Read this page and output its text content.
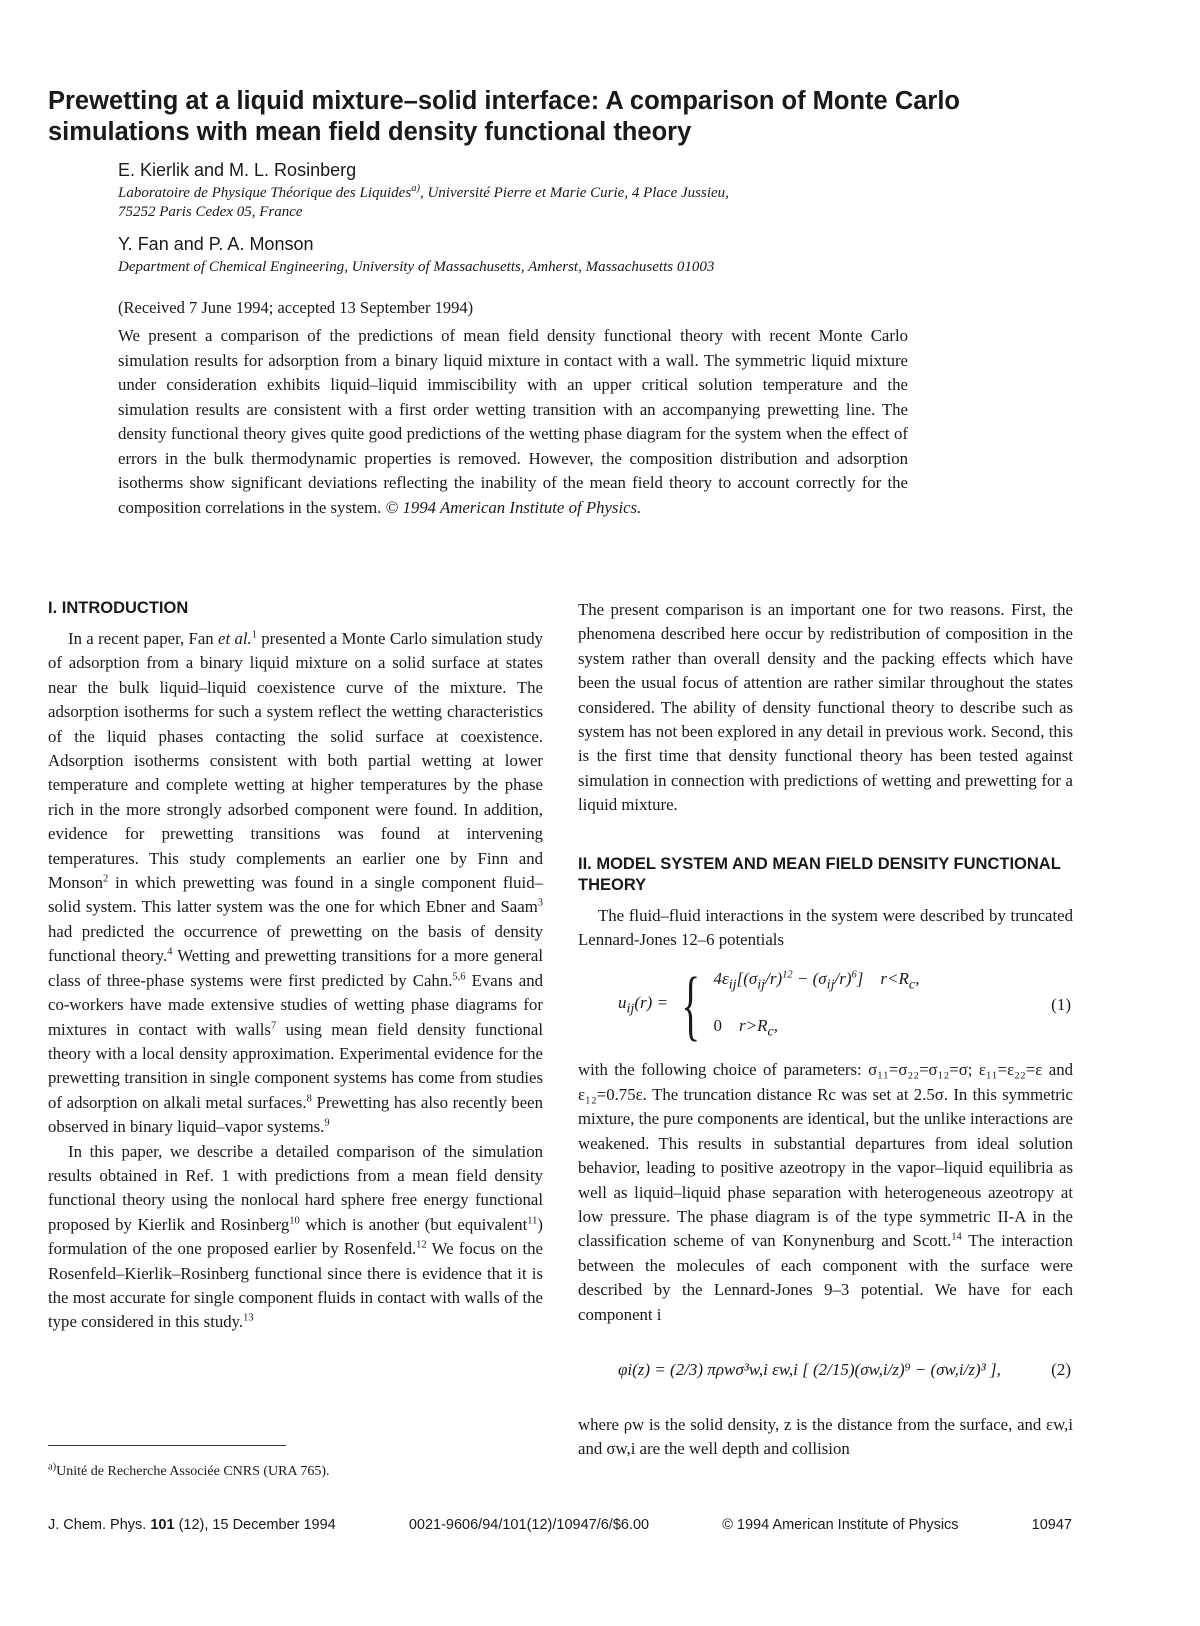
Prewetting at a liquid mixture–solid interface: A comparison of Monte Carlo simulations with mean field density functional theory
E. Kierlik and M. L. Rosinberg
Laboratoire de Physique Théorique des Liquides$^{a)}$, Université Pierre et Marie Curie, 4 Place Jussieu,
75252 Paris Cedex 05, France
Y. Fan and P. A. Monson
Department of Chemical Engineering, University of Massachusetts, Amherst, Massachusetts 01003
(Received 7 June 1994; accepted 13 September 1994)

We present a comparison of the predictions of mean field density functional theory with recent Monte Carlo simulation results for adsorption from a binary liquid mixture in contact with a wall. The symmetric liquid mixture under consideration exhibits liquid–liquid immiscibility with an upper critical solution temperature and the simulation results are consistent with a first order wetting transition with an accompanying prewetting line. The density functional theory gives quite good predictions of the wetting phase diagram for the system when the effect of errors in the bulk thermodynamic properties is removed. However, the composition distribution and adsorption isotherms show significant deviations reflecting the inability of the mean field theory to account correctly for the composition correlations in the system. © 1994 American Institute of Physics.

I. INTRODUCTION

In a recent paper, Fan et al.$^1$ presented a Monte Carlo simulation study of adsorption from a binary liquid mixture on a solid surface at states near the bulk liquid–liquid coexistence curve of the mixture. The adsorption isotherms for such a system reflect the wetting characteristics of the liquid phases contacting the solid surface at coexistence. Adsorption isotherms consistent with both partial wetting at lower temperature and complete wetting at higher temperatures by the phase rich in the more strongly adsorbed component were found. In addition, evidence for prewetting transitions was found at intervening temperatures. This study complements an earlier one by Finn and Monson$^2$ in which prewetting was found in a single component fluid–solid system. This latter system was the one for which Ebner and Saam$^3$ had predicted the occurrence of prewetting on the basis of density functional theory.$^4$ Wetting and prewetting transitions for a more general class of three-phase systems were first predicted by Cahn.$^{5,6}$ Evans and co-workers have made extensive studies of wetting phase diagrams for mixtures in contact with walls$^7$ using mean field density functional theory with a local density approximation. Experimental evidence for the prewetting transition in single component systems has come from studies of adsorption on alkali metal surfaces.$^8$ Prewetting has also recently been observed in binary liquid–vapor systems.$^9$

In this paper, we describe a detailed comparison of the simulation results obtained in Ref. 1 with predictions from a mean field density functional theory using the nonlocal hard sphere free energy functional proposed by Kierlik and Rosinberg$^{10}$ which is another (but equivalent$^{11}$) formulation of the one proposed earlier by Rosenfeld.$^{12}$ We focus on the Rosenfeld–Kierlik–Rosinberg functional since there is evidence that it is the most accurate for single component fluids in contact with walls of the type considered in this study.$^{13}$

The present comparison is an important one for two reasons. First, the phenomena described here occur by redistribution of composition in the system rather than overall density and the packing effects which have been the usual focus of attention are rather similar throughout the states considered. The ability of density functional theory to describe such as system has not been explored in any detail in previous work. Second, this is the first time that density functional theory has been tested against simulation in connection with predictions of wetting and prewetting for a liquid mixture.

II. MODEL SYSTEM AND MEAN FIELD DENSITY FUNCTIONAL THEORY

The fluid–fluid interactions in the system were described by truncated Lennard-Jones 12–6 potentials

$u_{ij}(r)$ = { $4\varepsilon_{ij}[(\sigma_{ij}/r)^{12} - (\sigma_{ij}/r)^6]$ $r<R_c$,
0 $r>R_c$,
(1)

with the following choice of parameters: σ₁₁=σ₂₂=σ₁₂=σ; ε₁₁=ε₂₂=ε and ε₁₂=0.75ε. The truncation distance Rc was set at 2.5σ. In this symmetric mixture, the pure components are identical, but the unlike interactions are weakened. This results in substantial departures from ideal solution behavior, leading to positive azeotropy in the vapor–liquid equilibria as well as liquid–liquid phase separation with heterogeneous azeotropy at low pressure. The phase diagram is of the type symmetric II-A in the classification scheme of van Konynenburg and Scott.$^{14}$ The interaction between the molecules of each component with the surface were described by the Lennard-Jones 9–3 potential. We have for each component i

φi(z) = (2/3) πρwσ³w,i εw,i [ (2/15)(σw,i/z)⁹ − (σw,i/z)³ ],	(2)

where ρw is the solid density, z is the distance from the surface, and εw,i and σw,i are the well depth and collision

$^{a)}$Unité de Recherche Associée CNRS (URA 765).
J. Chem. Phys. 101 (12), 15 December 1994	0021-9606/94/101(12)/10947/6/$6.00	© 1994 American Institute of Physics	10947
